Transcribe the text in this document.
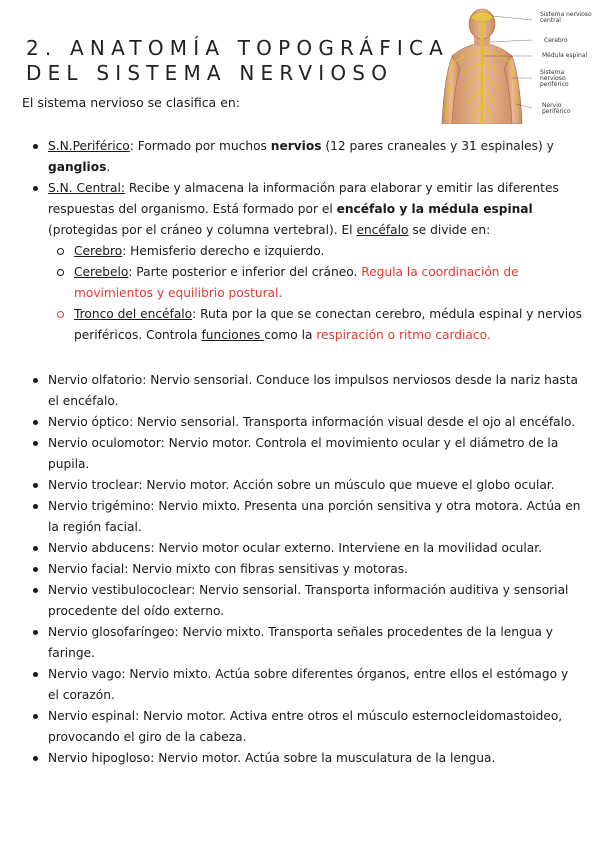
2. ANATOMÍA TOPOGRÁFICA
DEL SISTEMA NERVIOSO
Sistema nervioso central
Cerebro
Médula espinal
Sistema nervioso periférico
Nervio periférico
El sistema nervioso se clasifica en:
S.N.Periférico: Formado por muchos nervios (12 pares craneales y 31 espinales) y ganglios.
S.N. Central: Recibe y almacena la información para elaborar y emitir las diferentes respuestas del organismo. Está formado por el encéfalo y la médula espinal (protegidas por el cráneo y columna vertebral). El encéfalo se divide en:
Cerebro: Hemisferio derecho e izquierdo.
Cerebelo: Parte posterior e inferior del cráneo. Regula la coordinación de movimientos y equilibrio postural.
Tronco del encéfalo: Ruta por la que se conectan cerebro, médula espinal y nervios periféricos. Controla funciones como la respiración o ritmo cardiaco.
Nervio olfatorio: Nervio sensorial. Conduce los impulsos nerviosos desde la nariz hasta el encéfalo.
Nervio óptico: Nervio sensorial. Transporta información visual desde el ojo al encéfalo.
Nervio oculomotor: Nervio motor. Controla el movimiento ocular y el diámetro de la pupila.
Nervio troclear: Nervio motor. Acción sobre un músculo que mueve el globo ocular.
Nervio trigémino: Nervio mixto. Presenta una porción sensitiva y otra motora. Actúa en la región facial.
Nervio abducens: Nervio motor ocular externo. Interviene en la movilidad ocular.
Nervio facial: Nervio mixto con fibras sensitivas y motoras.
Nervio vestibulococlear: Nervio sensorial. Transporta información auditiva y sensorial procedente del oído externo.
Nervio glosofaríngeo: Nervio mixto. Transporta señales procedentes de la lengua y faringe.
Nervio vago: Nervio mixto. Actúa sobre diferentes órganos, entre ellos el estómago y el corazón.
Nervio espinal: Nervio motor. Activa entre otros el músculo esternocleidomastoideo, provocando el giro de la cabeza.
Nervio hipogloso: Nervio motor. Actúa sobre la musculatura de la lengua.
